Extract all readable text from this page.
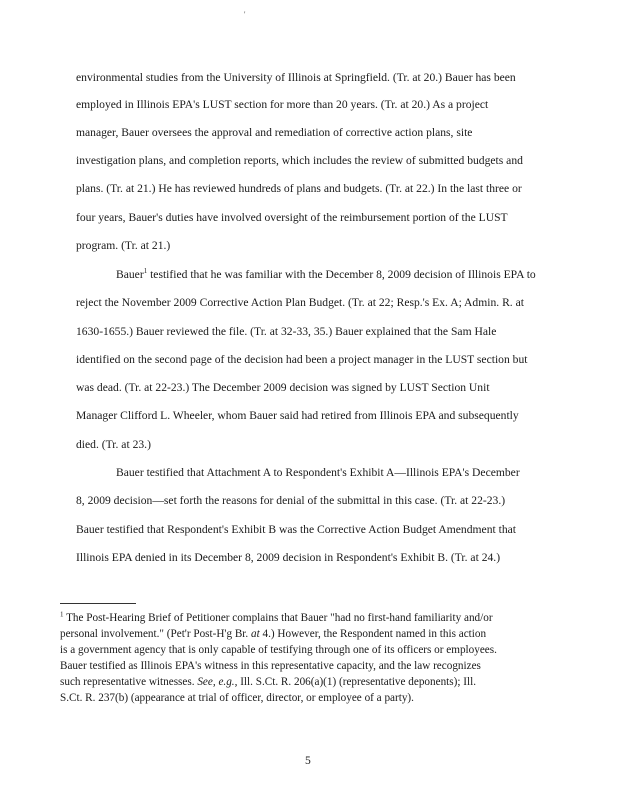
'
environmental studies from the University of Illinois at Springfield. (Tr. at 20.) Bauer has been
employed in Illinois EPA's LUST section for more than 20 years. (Tr. at 20.) As a project
manager, Bauer oversees the approval and remediation of corrective action plans, site
investigation plans, and completion reports, which includes the review of submitted budgets and
plans. (Tr. at 21.) He has reviewed hundreds of plans and budgets. (Tr. at 22.) In the last three or
four years, Bauer's duties have involved oversight of the reimbursement portion of the LUST
program. (Tr. at 21.)
Bauer$^1$ testified that he was familiar with the December 8, 2009 decision of Illinois EPA to
reject the November 2009 Corrective Action Plan Budget. (Tr. at 22; Resp.'s Ex. A; Admin. R. at
1630-1655.) Bauer reviewed the file. (Tr. at 32-33, 35.) Bauer explained that the Sam Hale
identified on the second page of the decision had been a project manager in the LUST section but
was dead. (Tr. at 22-23.) The December 2009 decision was signed by LUST Section Unit
Manager Clifford L. Wheeler, whom Bauer said had retired from Illinois EPA and subsequently
died. (Tr. at 23.)
Bauer testified that Attachment A to Respondent's Exhibit A—Illinois EPA's December
8, 2009 decision—set forth the reasons for denial of the submittal in this case. (Tr. at 22-23.)
Bauer testified that Respondent's Exhibit B was the Corrective Action Budget Amendment that
Illinois EPA denied in its December 8, 2009 decision in Respondent's Exhibit B. (Tr. at 24.)
$^1$ The Post-Hearing Brief of Petitioner complains that Bauer "had no first-hand familiarity and/or
personal involvement." (Pet'r Post-H'g Br. at 4.) However, the Respondent named in this action
is a government agency that is only capable of testifying through one of its officers or employees.
Bauer testified as Illinois EPA's witness in this representative capacity, and the law recognizes
such representative witnesses. See, e.g., Ill. S.Ct. R. 206(a)(1) (representative deponents); Ill.
S.Ct. R. 237(b) (appearance at trial of officer, director, or employee of a party).
5
